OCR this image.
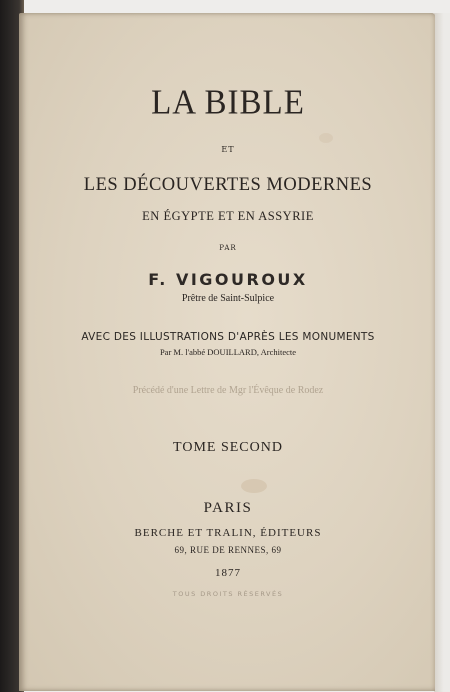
LA BIBLE
ET
LES DÉCOUVERTES MODERNES
EN ÉGYPTE ET EN ASSYRIE
PAR
F. VIGOUROUX
Prêtre de Saint-Sulpice
AVEC DES ILLUSTRATIONS D'APRÈS LES MONUMENTS
Par M. l'abbé DOUILLARD, Architecte
Précédé d'une Lettre de Mgr l'Évêque de Rodez
TOME SECOND
PARIS
BERCHE ET TRALIN, ÉDITEURS
69, RUE DE RENNES, 69
1877
TOUS DROITS RÉSERVÉS
